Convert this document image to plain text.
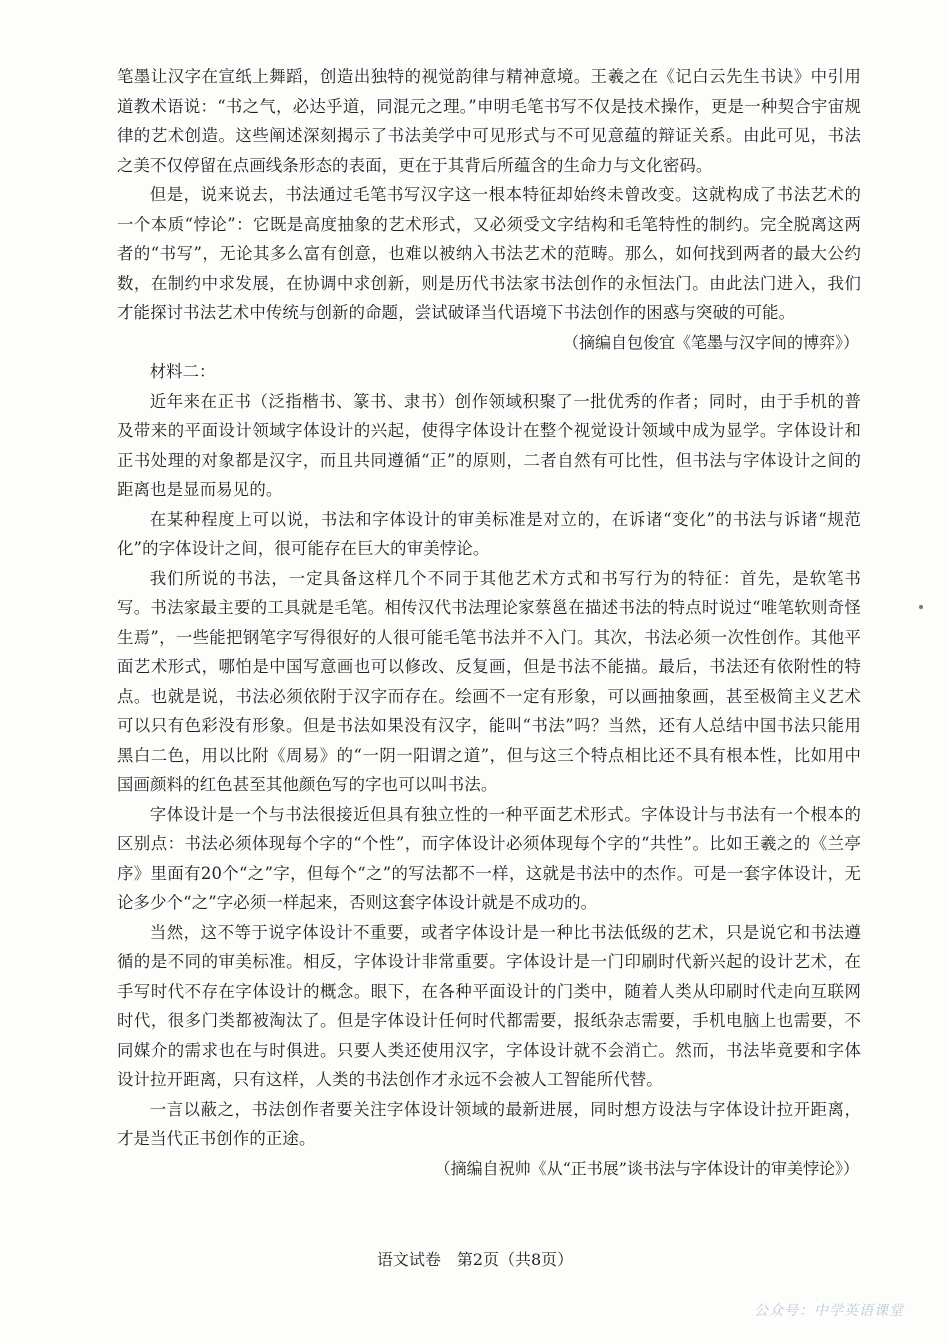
笔墨让汉字在宣纸上舞蹈，创造出独特的视觉韵律与精神意境。王羲之在《记白云先生书诀》中引用道教术语说：“书之气，必达乎道，同混元之理。”申明毛笔书写不仅是技术操作，更是一种契合宇宙规律的艺术创造。这些阐述深刻揭示了书法美学中可见形式与不可见意蕴的辩证关系。由此可见，书法之美不仅停留在点画线条形态的表面，更在于其背后所蕴含的生命力与文化密码。

但是，说来说去，书法通过毛笔书写汉字这一根本特征却始终未曾改变。这就构成了书法艺术的一个本质“悖论”：它既是高度抽象的艺术形式，又必须受文字结构和毛笔特性的制约。完全脱离这两者的“书写”，无论其多么富有创意，也难以被纳入书法艺术的范畴。那么，如何找到两者的最大公约数，在制约中求发展，在协调中求创新，则是历代书法家书法创作的永恒法门。由此法门进入，我们才能探讨书法艺术中传统与创新的命题，尝试破译当代语境下书法创作的困惑与突破的可能。

（摘编自包俊宜《笔墨与汉字间的博弈》）

材料二：

近年来在正书（泛指楷书、篆书、隶书）创作领域积聚了一批优秀的作者；同时，由于手机的普及带来的平面设计领域字体设计的兴起，使得字体设计在整个视觉设计领域中成为显学。字体设计和正书处理的对象都是汉字，而且共同遵循“正”的原则，二者自然有可比性，但书法与字体设计之间的距离也是显而易见的。

在某种程度上可以说，书法和字体设计的审美标准是对立的，在诉诸“变化”的书法与诉诸“规范化”的字体设计之间，很可能存在巨大的审美悖论。

我们所说的书法，一定具备这样几个不同于其他艺术方式和书写行为的特征：首先，是软笔书写。书法家最主要的工具就是毛笔。相传汉代书法理论家蔡邕在描述书法的特点时说过“唯笔软则奇怪生焉”，一些能把钢笔字写得很好的人很可能毛笔书法并不入门。其次，书法必须一次性创作。其他平面艺术形式，哪怕是中国写意画也可以修改、反复画，但是书法不能描。最后，书法还有依附性的特点。也就是说，书法必须依附于汉字而存在。绘画不一定有形象，可以画抽象画，甚至极简主义艺术可以只有色彩没有形象。但是书法如果没有汉字，能叫“书法”吗？当然，还有人总结中国书法只能用黑白二色，用以比附《周易》的“一阴一阳谓之道”，但与这三个特点相比还不具有根本性，比如用中国画颜料的红色甚至其他颜色写的字也可以叫书法。

字体设计是一个与书法很接近但具有独立性的一种平面艺术形式。字体设计与书法有一个根本的区别点：书法必须体现每个字的“个性”，而字体设计必须体现每个字的“共性”。比如王羲之的《兰亭序》里面有20个“之”字，但每个“之”的写法都不一样，这就是书法中的杰作。可是一套字体设计，无论多少个“之”字必须一样起来，否则这套字体设计就是不成功的。

当然，这不等于说字体设计不重要，或者字体设计是一种比书法低级的艺术，只是说它和书法遵循的是不同的审美标准。相反，字体设计非常重要。字体设计是一门印刷时代新兴起的设计艺术，在手写时代不存在字体设计的概念。眼下，在各种平面设计的门类中，随着人类从印刷时代走向互联网时代，很多门类都被淘汰了。但是字体设计任何时代都需要，报纸杂志需要，手机电脑上也需要，不同媒介的需求也在与时俱进。只要人类还使用汉字，字体设计就不会消亡。然而，书法毕竟要和字体设计拉开距离，只有这样，人类的书法创作才永远不会被人工智能所代替。

一言以蔽之，书法创作者要关注字体设计领域的最新进展，同时想方设法与字体设计拉开距离，才是当代正书创作的正途。

（摘编自祝帅《从“正书展”谈书法与字体设计的审美悖论》）

语文试卷　第2页（共8页）
公众号：中学英语课堂
